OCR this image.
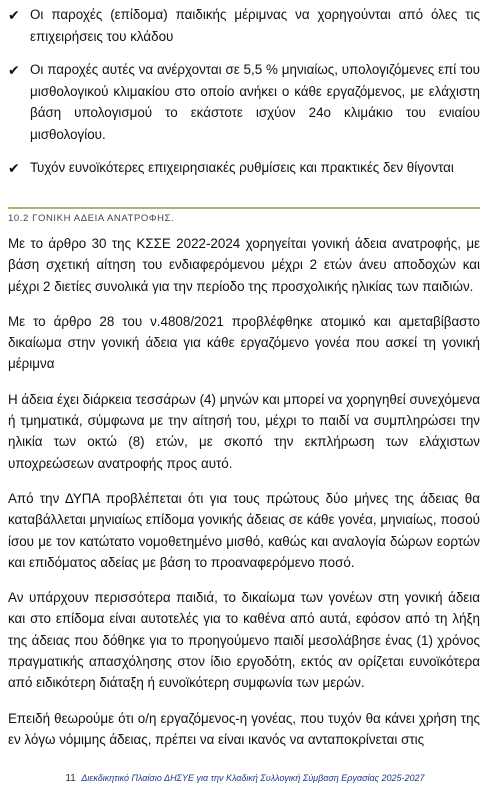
✔ Οι παροχές (επίδομα) παιδικής μέριμνας να χορηγούνται από όλες τις επιχειρήσεις του κλάδου
✔ Οι παροχές αυτές να ανέρχονται σε 5,5 % μηνιαίως, υπολογιζόμενες επί του μισθολογικού κλιμακίου στο οποίο ανήκει ο κάθε εργαζόμενος, με ελάχιστη βάση υπολογισμού το εκάστοτε ισχύον 24ο κλιμάκιο του ενιαίου μισθολογίου.
✔ Τυχόν ευνοϊκότερες επιχειρησιακές ρυθμίσεις και πρακτικές δεν θίγονται
10.2 ΓΟΝΙΚΗ ΑΔΕΙΑ ΑΝΑΤΡΟΦΗΣ.
Με το άρθρο 30 της ΚΣΣΕ 2022-2024 χορηγείται γονική άδεια ανατροφής, με βάση σχετική αίτηση του ενδιαφερόμενου μέχρι 2 ετών άνευ αποδοχών και μέχρι 2 διετίες συνολικά για την περίοδο της προσχολικής ηλικίας των παιδιών.
Με το άρθρο 28 του ν.4808/2021 προβλέφθηκε ατομικό και αμεταβίβαστο δικαίωμα στην γονική άδεια για κάθε εργαζόμενο γονέα που ασκεί τη γονική μέριμνα
Η άδεια έχει διάρκεια τεσσάρων (4) μηνών και μπορεί να χορηγηθεί συνεχόμενα ή τμηματικά, σύμφωνα με την αίτησή του, μέχρι το παιδί να συμπληρώσει την ηλικία των οκτώ (8) ετών, με σκοπό την εκπλήρωση των ελάχιστων υποχρεώσεων ανατροφής προς αυτό.
Από την ΔΥΠΑ προβλέπεται ότι για τους πρώτους δύο μήνες της άδειας θα καταβάλλεται μηνιαίως επίδομα γονικής άδειας σε κάθε γονέα, μηνιαίως, ποσού ίσου με τον κατώτατο νομοθετημένο μισθό, καθώς και αναλογία δώρων εορτών και επιδόματος αδείας με βάση το προαναφερόμενο ποσό.
Αν υπάρχουν περισσότερα παιδιά, το δικαίωμα των γονέων στη γονική άδεια και στο επίδομα είναι αυτοτελές για το καθένα από αυτά, εφόσον από τη λήξη της άδειας που δόθηκε για το προηγούμενο παιδί μεσολάβησε ένας (1) χρόνος πραγματικής απασχόλησης στον ίδιο εργοδότη, εκτός αν ορίζεται ευνοϊκότερα από ειδικότερη διάταξη ή ευνοϊκότερη συμφωνία των μερών.
Επειδή θεωρούμε ότι ο/η εργαζόμενος-η γονέας, που τυχόν θα κάνει χρήση της εν λόγω νόμιμης άδειας, πρέπει να είναι ικανός να ανταποκρίνεται στις
11 Διεκδικητικό Πλαίσιο ΔΗΣΥΕ για την Κλαδική Συλλογική Σύμβαση Εργασίας 2025-2027
